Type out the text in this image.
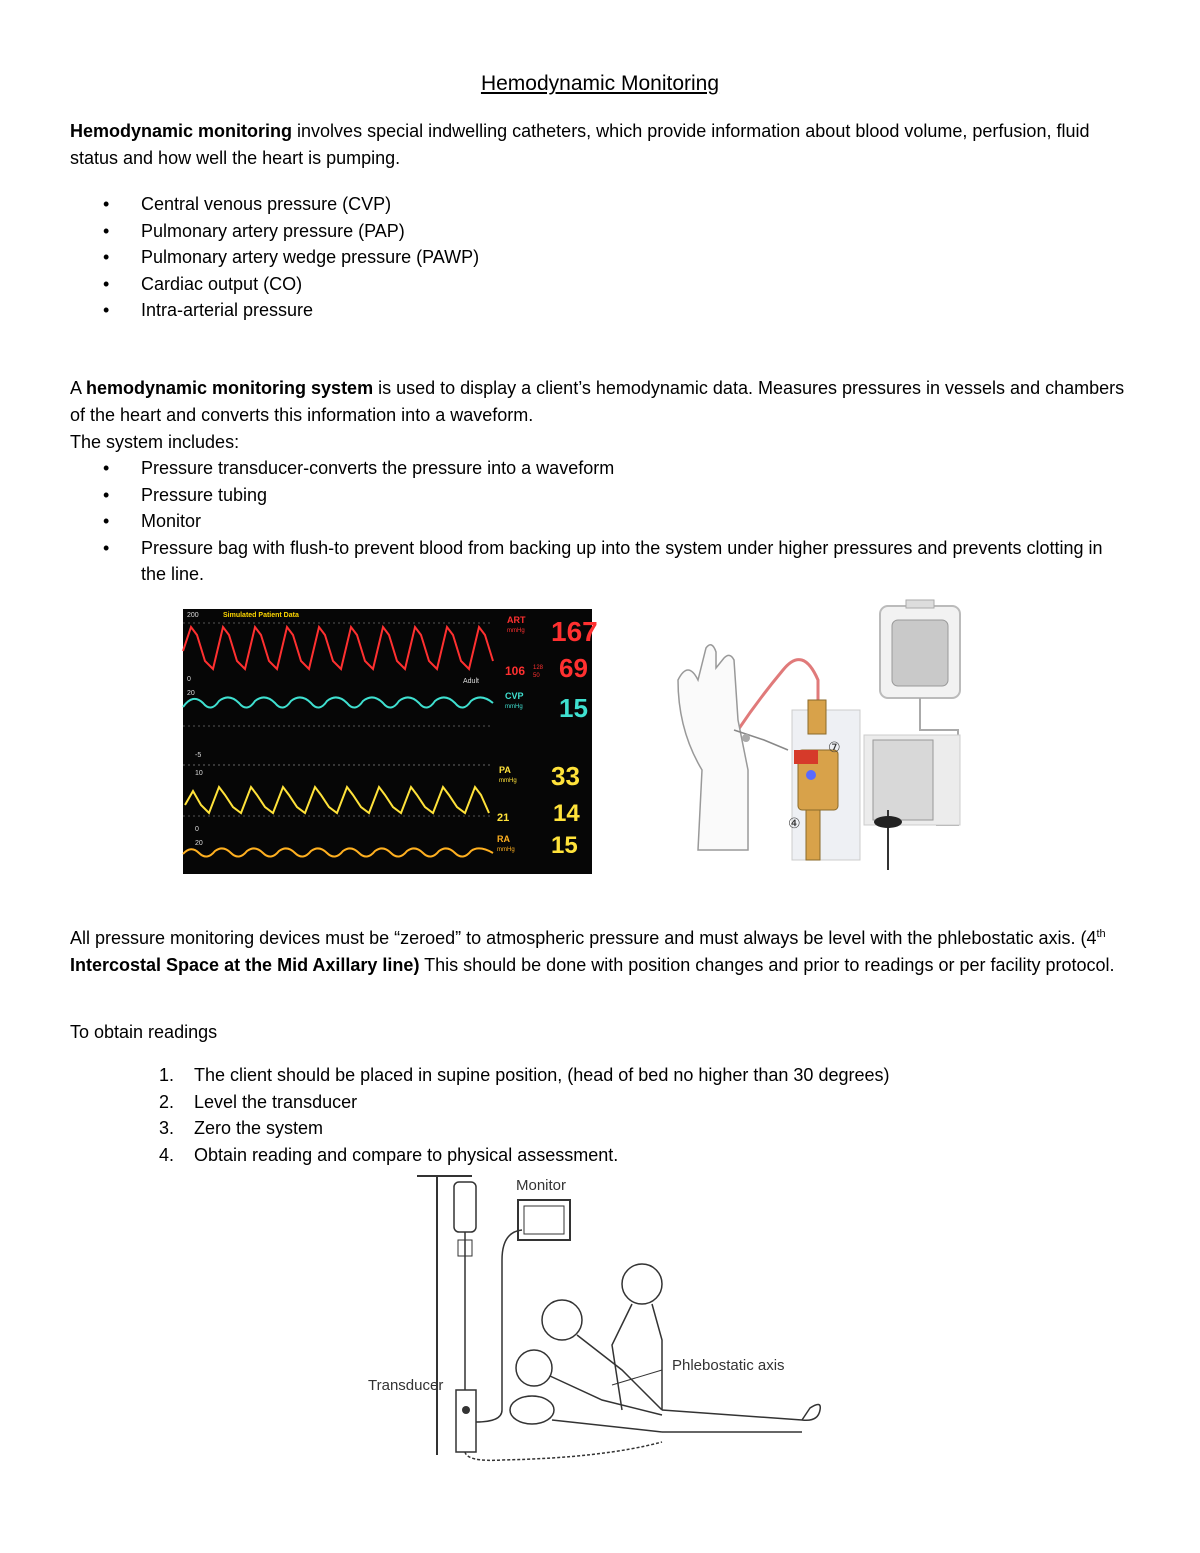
Hemodynamic Monitoring
Hemodynamic monitoring involves special indwelling catheters, which provide information about blood volume, perfusion, fluid status and how well the heart is pumping.
• Central venous pressure (CVP)
• Pulmonary artery pressure (PAP)
• Pulmonary artery wedge pressure (PAWP)
• Cardiac output (CO)
• Intra-arterial pressure
A hemodynamic monitoring system is used to display a client’s hemodynamic data. Measures pressures in vessels and chambers of the heart and converts this information into a waveform.
The system includes:
• Pressure transducer-converts the pressure into a waveform
• Pressure tubing
• Monitor
• Pressure bag with flush-to prevent blood from backing up into the system under higher pressures and prevents clotting in the line.
200	Simulated Patient Data
0	Adult
20
-5
10
0
20
ART
mmHg 167
106 128
50 69
CVP
mmHg 15
PA
mmHg 33
21 14
RA
mmHg 15
⑦
④
All pressure monitoring devices must be “zeroed” to atmospheric pressure and must always be level with the phlebostatic axis. (4th Intercostal Space at the Mid Axillary line) This should be done with position changes and prior to readings or per facility protocol.
To obtain readings
1. The client should be placed in supine position, (head of bed no higher than 30 degrees)
2. Level the transducer
3. Zero the system
4. Obtain reading and compare to physical assessment.
Monitor
Transducer
Phlebostatic axis
